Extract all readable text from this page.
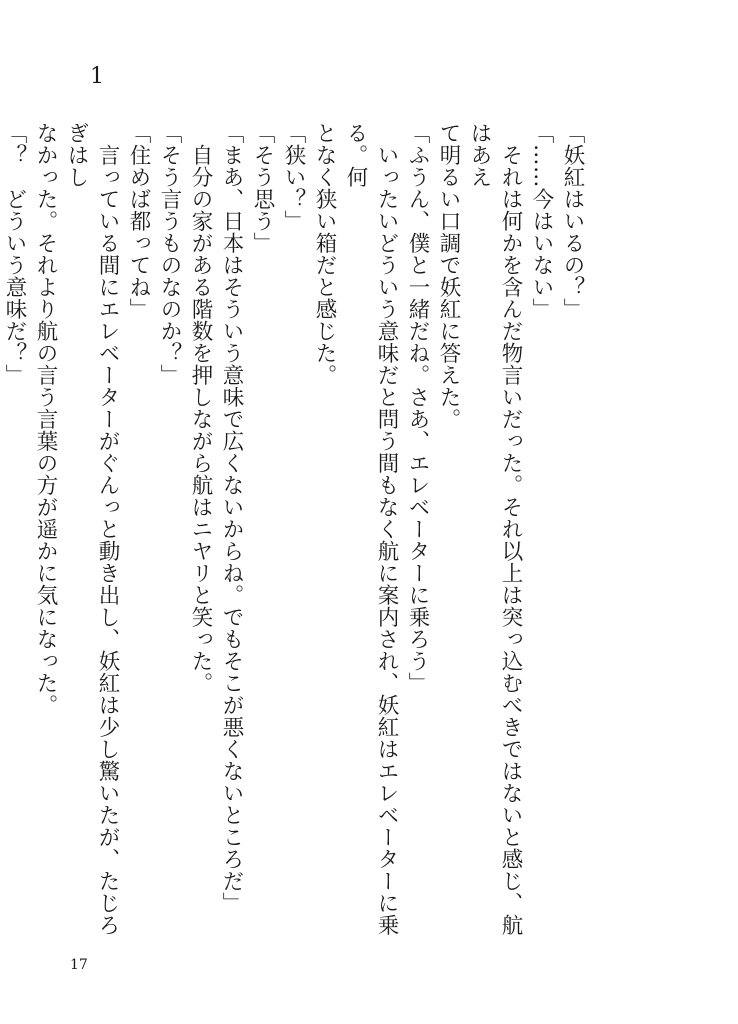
1

「妖紅はいるの？」

「……今はいない」

　それは何かを含んだ物言いだった。それ以上は突っ込むべきではないと感じ、航はあえ

て明るい口調で妖紅に答えた。

「ふうん、僕と一緒だね。さあ、エレベーターに乗ろう」

　いったいどういう意味だと問う間もなく航に案内され、妖紅はエレベーターに乗る。何

となく狭い箱だと感じた。

「狭い？」

「そう思う」

「まあ、日本はそういう意味で広くないからね。でもそこが悪くないところだ」

　自分の家がある階数を押しながら航はニヤリと笑った。

「そう言うものなのか？」

「住めば都ってね」

　言っている間にエレベーターがぐんっと動き出し、妖紅は少し驚いたが、たじろぎはし

なかった。それより航の言う言葉の方が遥かに気になった。

「？　どういう意味だ？」

17
